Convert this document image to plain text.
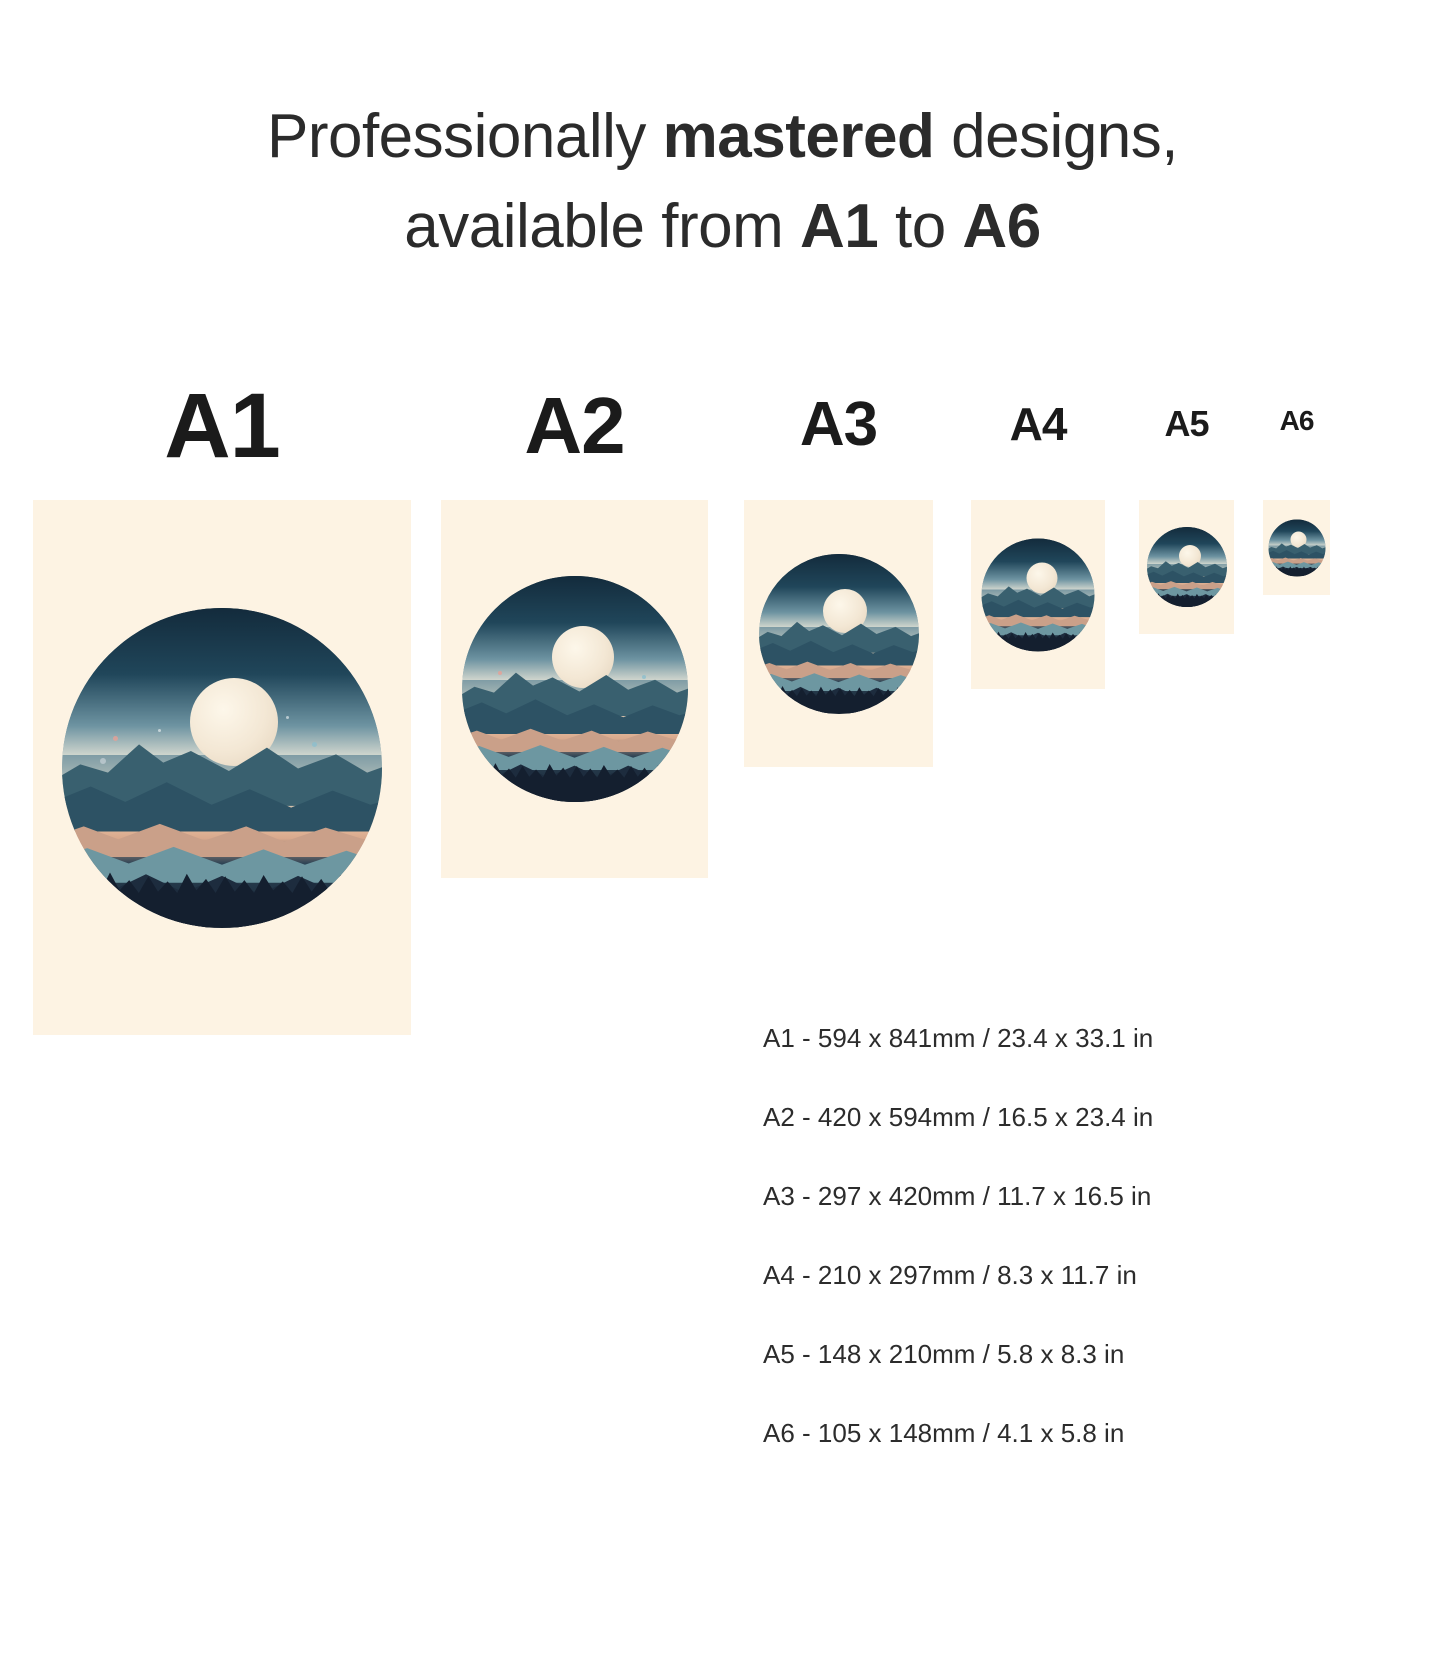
Professionally mastered designs,
available from A1 to A6
A1	A2	A3	A4	A5	A6
A1 - 594 x 841mm / 23.4 x 33.1 in
A2 - 420 x 594mm / 16.5 x 23.4 in
A3 - 297 x 420mm / 11.7 x 16.5 in
A4 - 210 x 297mm / 8.3 x 11.7 in
A5 - 148 x 210mm / 5.8 x 8.3 in
A6 - 105 x 148mm / 4.1 x 5.8 in
